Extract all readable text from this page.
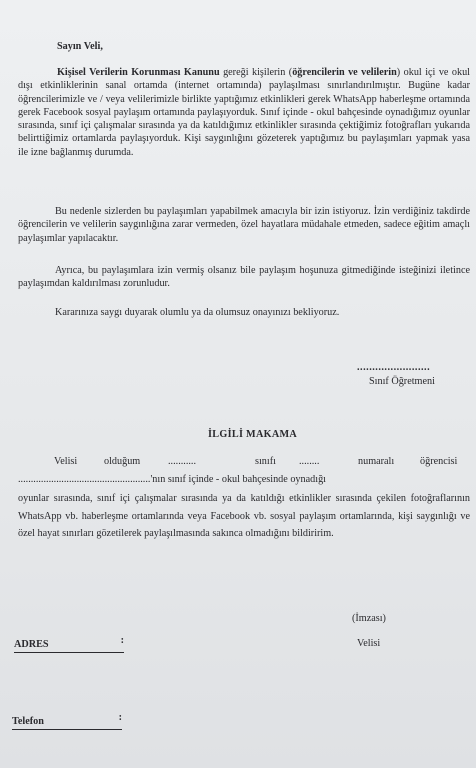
Sayın Veli,

Kişisel Verilerin Korunması Kanunu gereği kişilerin (öğrencilerin ve velilerin) okul içi ve okul dışı etkinliklerinin sanal ortamda (internet ortamında) paylaşılması sınırlandırılmıştır. Bugüne kadar öğrencilerimizle ve / veya velilerimizle birlikte yaptığımız etkinlikleri gerek WhatsApp haberleşme ortamında gerek Facebook sosyal paylaşım ortamında paylaşıyorduk. Sınıf içinde - okul bahçesinde oynadığımız oyunlar sırasında, sınıf içi çalışmalar sırasında ya da katıldığımız etkinlikler sırasında çektiğimiz fotoğrafları yukarıda belirttiğimiz ortamlarda paylaşıyorduk. Kişi saygınlığını gözeterek yaptığımız bu paylaşımları yapmak yasa ile izne bağlanmış durumda.

Bu nedenle sizlerden bu paylaşımları yapabilmek amacıyla bir izin istiyoruz. İzin verdiğiniz takdirde öğrencilerin ve velilerin saygınlığına zarar vermeden, özel hayatlara müdahale etmeden, sadece eğitim amaçlı paylaşımlar yapılacaktır.

Ayrıca, bu paylaşımlara izin vermiş olsanız bile paylaşım hoşunuza gitmediğinde isteğinizi iletince paylaşımdan kaldırılması zorunludur.

Kararınıza saygı duyarak olumlu ya da olumsuz onayınızı bekliyoruz.

........................

Sınıf Öğretmeni

İLGİLİ MAKAMA

Velisi	olduğum	...........	sınıfı ........	numaralı	öğrencisi

....................................................'nın sınıf içinde - okul bahçesinde oynadığı

oyunlar sırasında, sınıf içi çalışmalar sırasında ya da katıldığı etkinlikler sırasında çekilen fotoğraflarının WhatsApp vb. haberleşme ortamlarında veya Facebook vb. sosyal paylaşım ortamlarında, kişi saygınlığı ve özel hayat sınırları gözetilerek paylaşılmasında sakınca olmadığını bildiririm.

(İmzası)

Velisi

ADRES	:
Telefon	:
